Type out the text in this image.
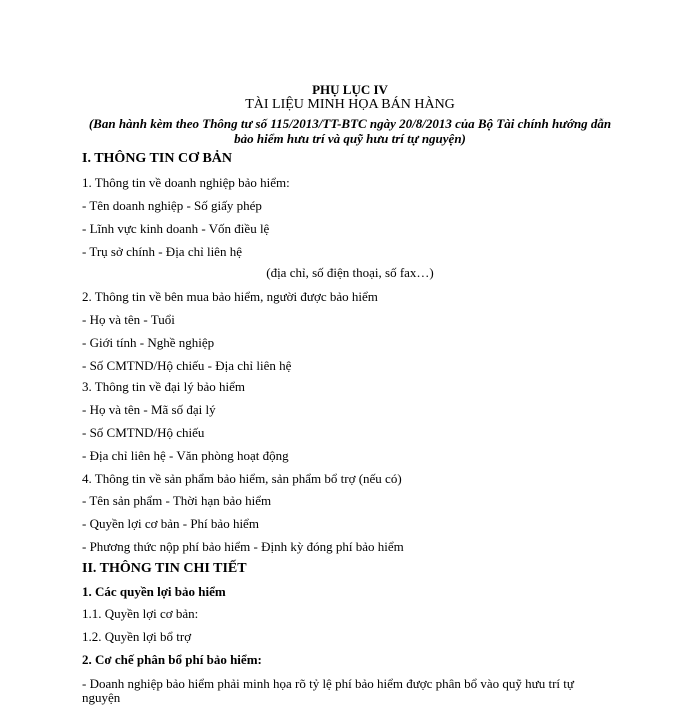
PHỤ LỤC IV
TÀI LIỆU MINH HỌA BÁN HÀNG
(Ban hành kèm theo Thông tư số 115/2013/TT-BTC ngày 20/8/2013 của Bộ Tài chính hướng dẫn
bảo hiểm hưu trí và quỹ hưu trí tự nguyện)
I. THÔNG TIN CƠ BẢN
1. Thông tin về doanh nghiệp bảo hiểm:
- Tên doanh nghiệp - Số giấy phép
- Lĩnh vực kinh doanh - Vốn điều lệ
- Trụ sở chính - Địa chỉ liên hệ
(địa chỉ, số điện thoại, số fax…)
2. Thông tin về bên mua bảo hiểm, người được bảo hiểm
- Họ và tên - Tuổi
- Giới tính - Nghề nghiệp
- Số CMTND/Hộ chiếu - Địa chỉ liên hệ
3. Thông tin về đại lý bảo hiểm
- Họ và tên - Mã số đại lý
- Số CMTND/Hộ chiếu
- Địa chỉ liên hệ - Văn phòng hoạt động
4. Thông tin về sản phẩm bảo hiểm, sản phẩm bổ trợ (nếu có)
- Tên sản phẩm - Thời hạn bảo hiểm
- Quyền lợi cơ bản - Phí bảo hiểm
- Phương thức nộp phí bảo hiểm - Định kỳ đóng phí bảo hiểm
II. THÔNG TIN CHI TIẾT
1. Các quyền lợi bảo hiểm
1.1. Quyền lợi cơ bản:
1.2. Quyền lợi bổ trợ
2. Cơ chế phân bổ phí bảo hiểm:
- Doanh nghiệp bảo hiểm phải minh họa rõ tỷ lệ phí bảo hiểm được phân bổ vào quỹ hưu trí tự
nguyện
